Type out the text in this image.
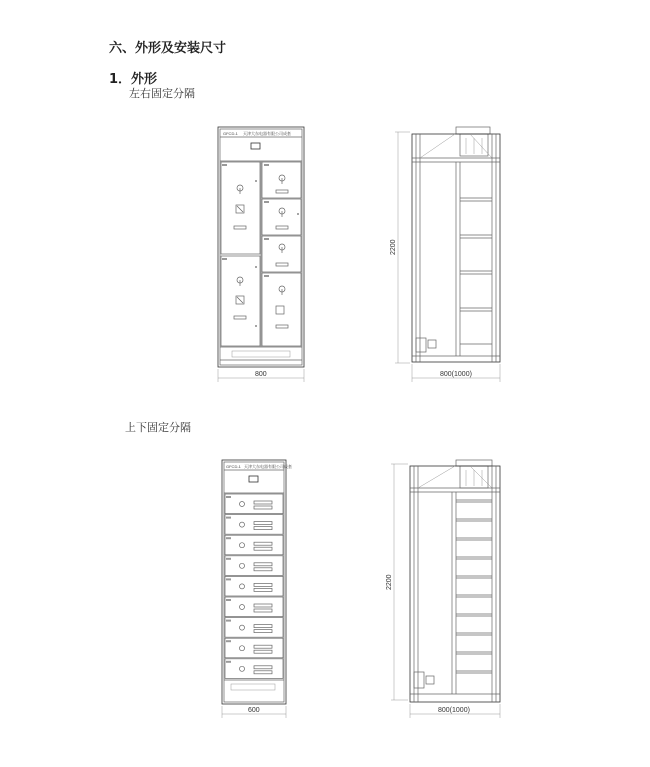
六、外形及安装尺寸
1．外形
左右固定分隔
上下固定分隔
GFCD-1 天津大东电器有限公司成套
800
2200
800(1000)
GFCD-1 天津大东电器有限公司成套
600
2200
800(1000)
